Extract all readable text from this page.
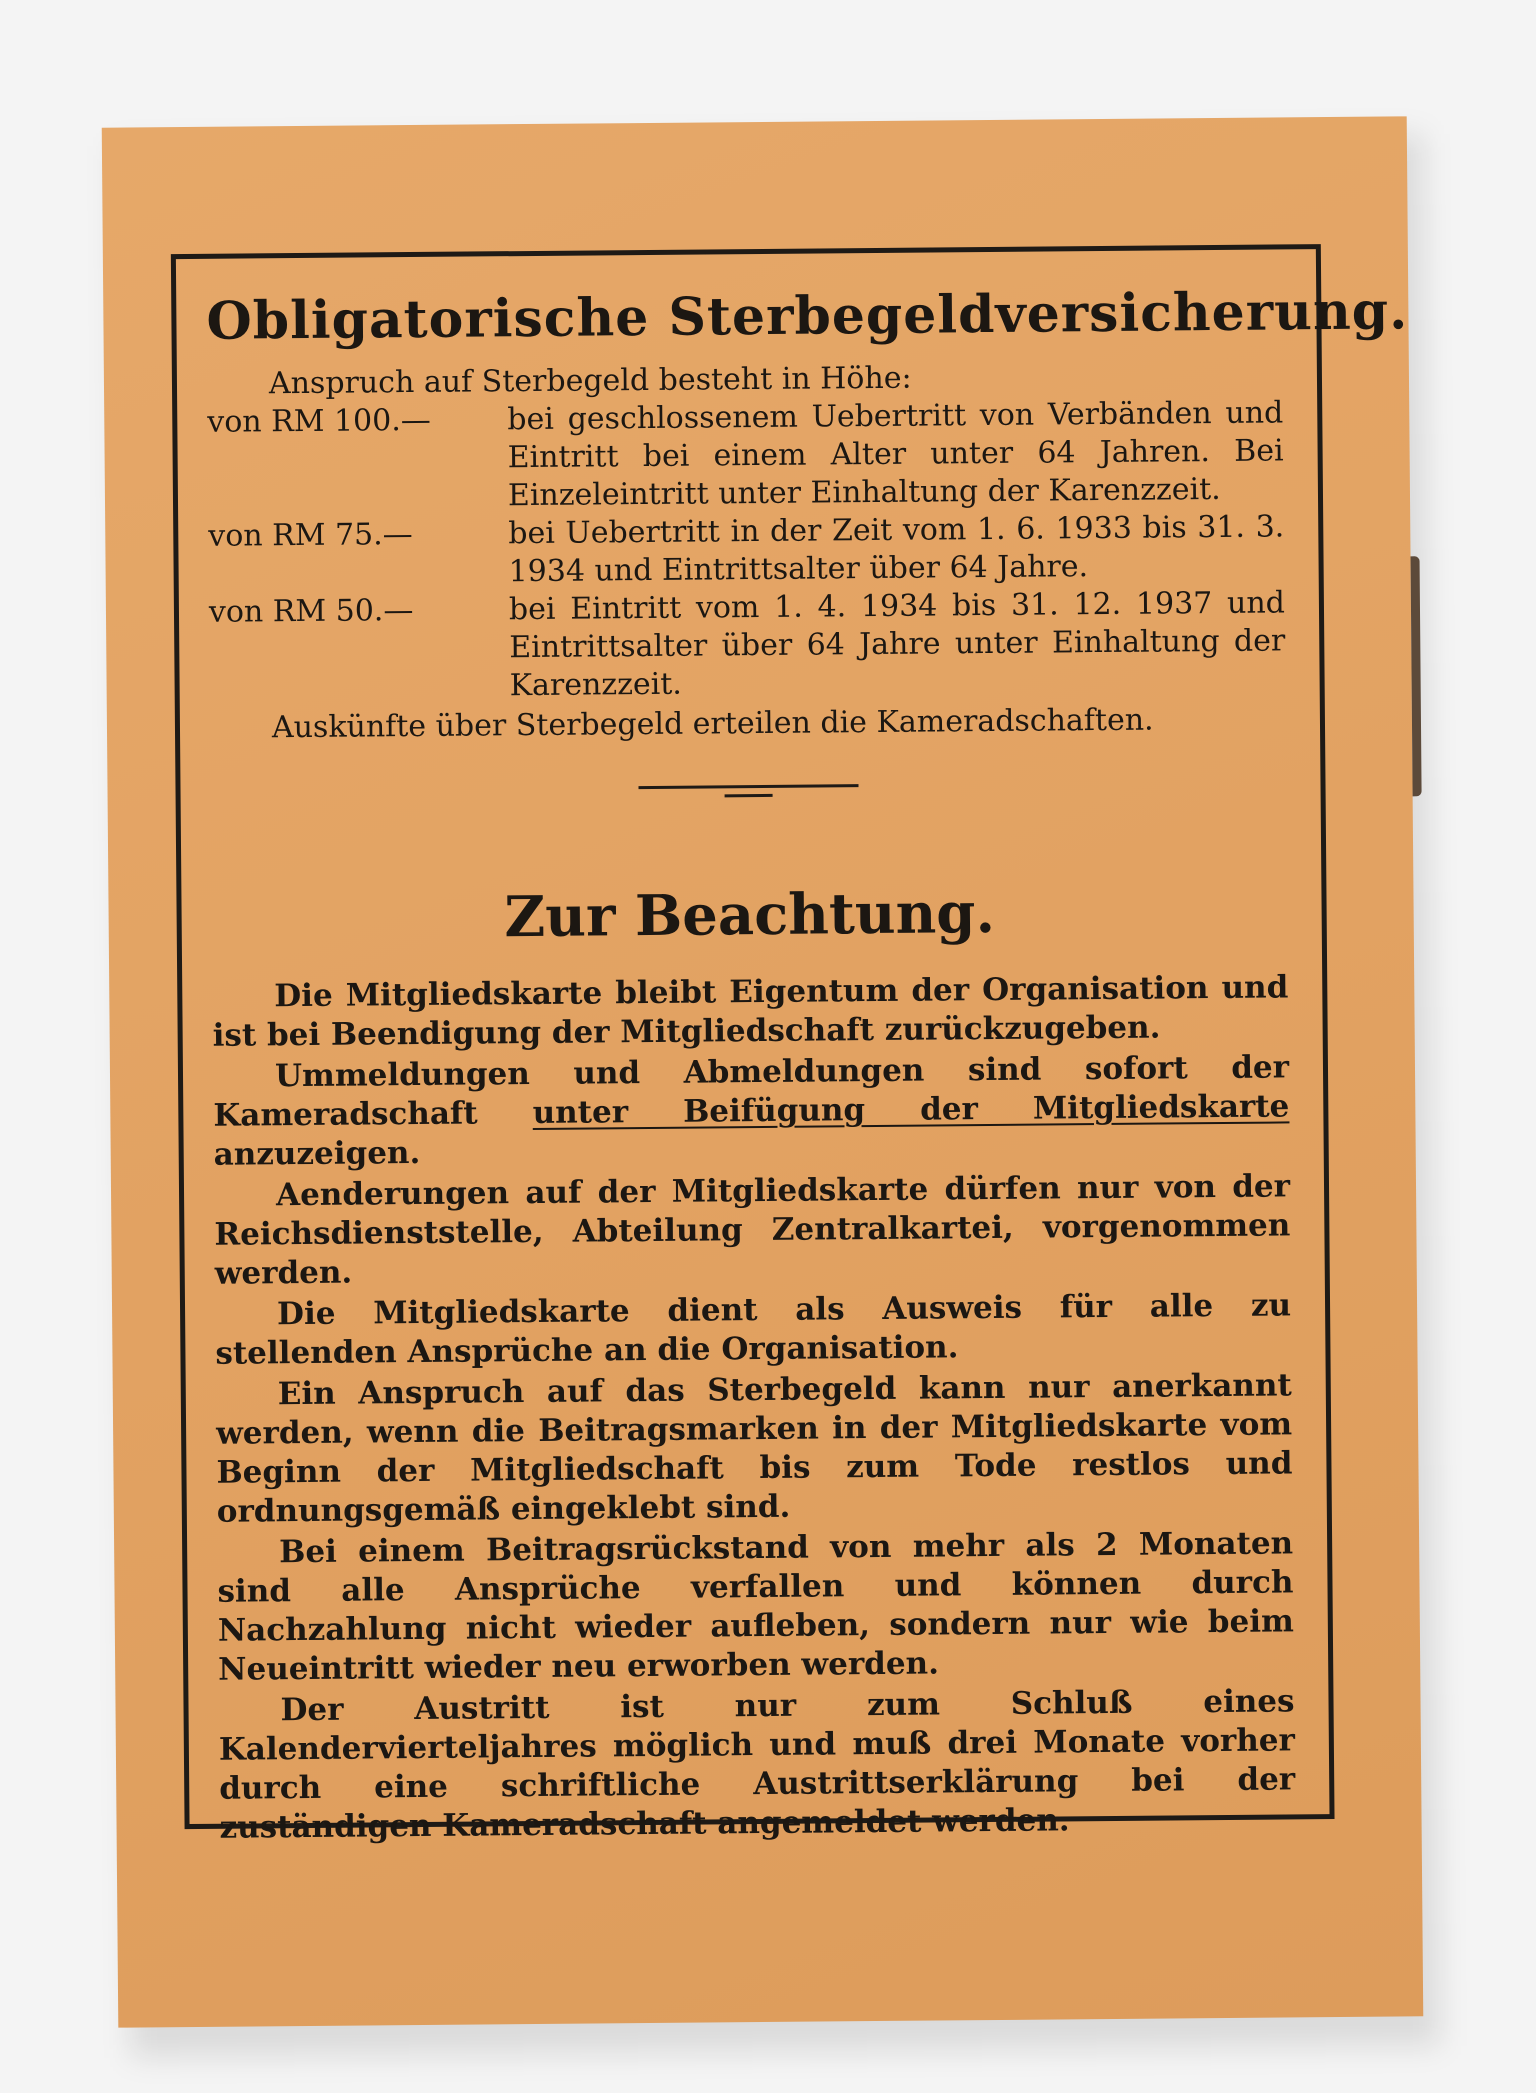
Obligatorische Sterbegeldversicherung.
Anspruch auf Sterbegeld besteht in Höhe:
von RM 100.—	bei geschlossenem Uebertritt von Verbänden und Eintritt bei einem Alter unter 64 Jahren. Bei Einzeleintritt unter Einhaltung der Karenzzeit.
von RM 75.—	bei Uebertritt in der Zeit vom 1. 6. 1933 bis 31. 3. 1934 und Eintrittsalter über 64 Jahre.
von RM 50.—	bei Eintritt vom 1. 4. 1934 bis 31. 12. 1937 und Eintrittsalter über 64 Jahre unter Einhaltung der Karenzzeit.
Auskünfte über Sterbegeld erteilen die Kameradschaften.
Zur Beachtung.

Die Mitgliedskarte bleibt Eigentum der Organisation und ist bei Beendigung der Mitgliedschaft zurückzugeben.

Ummeldungen und Abmeldungen sind sofort der Kameradschaft unter Beifügung der Mitgliedskarte anzuzeigen.

Aenderungen auf der Mitgliedskarte dürfen nur von der Reichsdienststelle, Abteilung Zentralkartei, vorgenommen werden.

Die Mitgliedskarte dient als Ausweis für alle zu stellenden Ansprüche an die Organisation.

Ein Anspruch auf das Sterbegeld kann nur anerkannt werden, wenn die Beitragsmarken in der Mitgliedskarte vom Beginn der Mitgliedschaft bis zum Tode restlos und ordnungsgemäß eingeklebt sind.

Bei einem Beitragsrückstand von mehr als 2 Monaten sind alle Ansprüche verfallen und können durch Nachzahlung nicht wieder aufleben, sondern nur wie beim Neueintritt wieder neu erworben werden.

Der Austritt ist nur zum Schluß eines Kalendervierteljahres möglich und muß drei Monate vorher durch eine schriftliche Austrittserklärung bei der zuständigen Kameradschaft angemeldet werden.
